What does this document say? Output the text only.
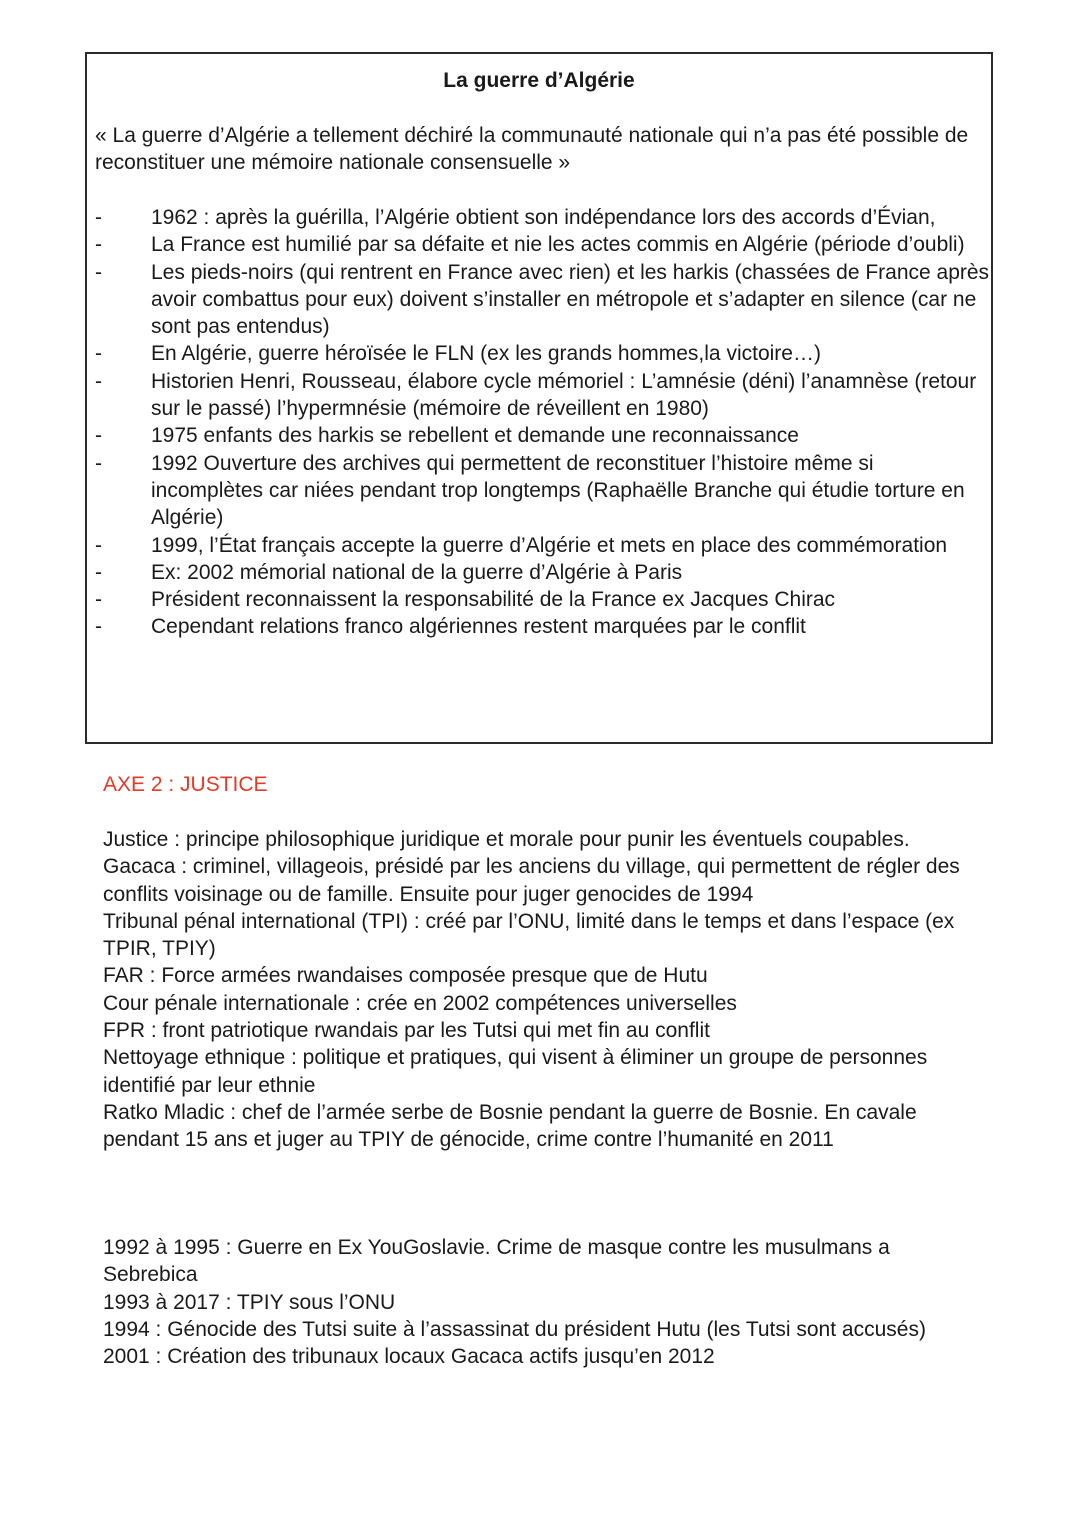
La guerre d’Algérie
« La guerre d’Algérie a tellement déchiré la communauté nationale qui n’a pas été possible de reconstituer une mémoire nationale consensuelle »
-	1962 : après la guérilla, l’Algérie obtient son indépendance lors des accords d’Évian,
-	La France est humilié par sa défaite et nie les actes commis en Algérie (période d’oubli)
-	Les pieds-noirs (qui rentrent en France avec rien) et les harkis (chassées de France après avoir combattus pour eux) doivent s’installer en métropole et s’adapter en silence (car ne sont pas entendus)
-	En Algérie, guerre héroïsée le FLN (ex les grands hommes,la victoire…)
-	Historien Henri, Rousseau, élabore cycle mémoriel : L’amnésie (déni) l’anamnèse (retour sur le passé) l’hypermnésie (mémoire de réveillent en 1980)
-	1975 enfants des harkis se rebellent et demande une reconnaissance
-	1992 Ouverture des archives qui permettent de reconstituer l’histoire même si incomplètes car niées pendant trop longtemps (Raphaëlle Branche qui étudie torture en Algérie)
-	1999, l’État français accepte la guerre d’Algérie et mets en place des commémoration
-	Ex: 2002 mémorial national de la guerre d’Algérie à Paris
-	Président reconnaissent la responsabilité de la France ex Jacques Chirac
-	Cependant relations franco algériennes restent marquées par le conflit
AXE 2 : JUSTICE
Justice : principe philosophique juridique et morale pour punir les éventuels coupables.
Gacaca : criminel, villageois, présidé par les anciens du village, qui permettent de régler des conflits voisinage ou de famille. Ensuite pour juger genocides de 1994
Tribunal pénal international (TPI) : créé par l’ONU, limité dans le temps et dans l’espace (ex TPIR, TPIY)
FAR : Force armées rwandaises composée presque que de Hutu
Cour pénale internationale : crée en 2002 compétences universelles
FPR : front patriotique rwandais par les Tutsi qui met fin au conflit
Nettoyage ethnique : politique et pratiques, qui visent à éliminer un groupe de personnes identifié par leur ethnie
Ratko Mladic : chef de l’armée serbe de Bosnie pendant la guerre de Bosnie. En cavale pendant 15 ans et juger au TPIY de génocide, crime contre l’humanité en 2011
1992 à 1995 : Guerre en Ex YouGoslavie. Crime de masque contre les musulmans a Sebrebica
1993 à 2017 : TPIY sous l’ONU
1994 : Génocide des Tutsi suite à l’assassinat du président Hutu (les Tutsi sont accusés)
2001 : Création des tribunaux locaux Gacaca actifs jusqu’en 2012
